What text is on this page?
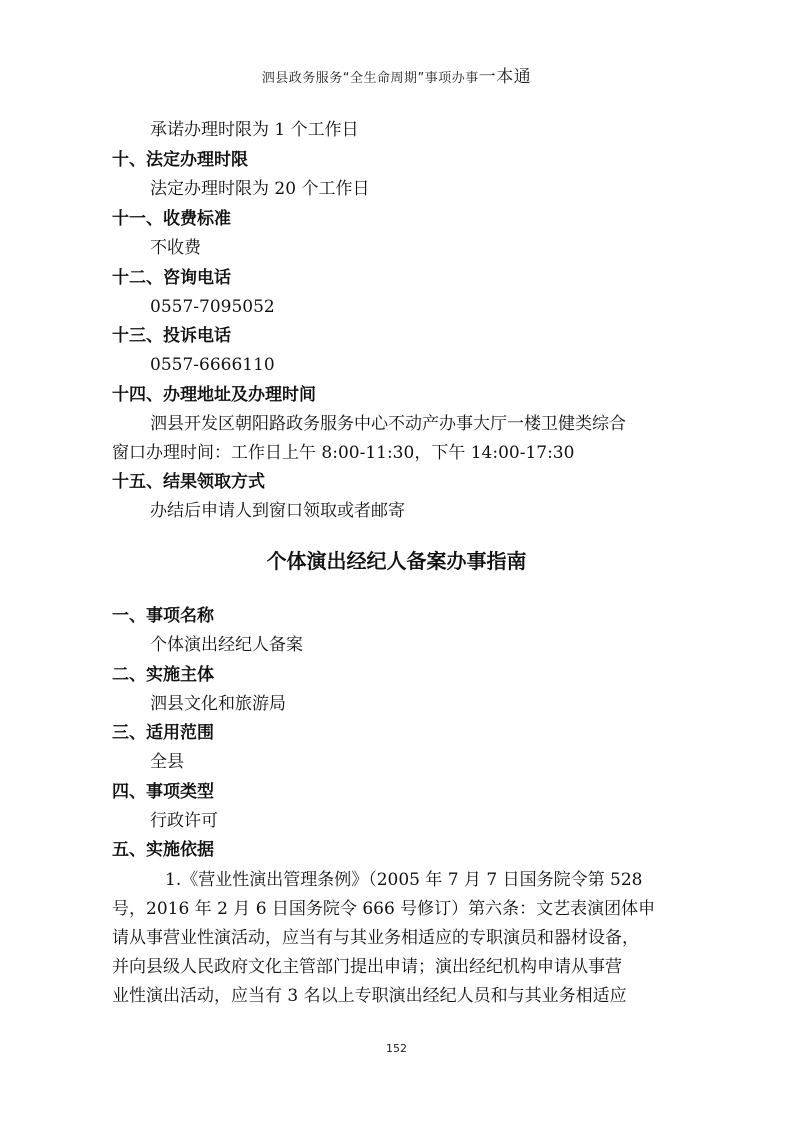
泗县政务服务“全生命周期”事项办事一本通
承诺办理时限为 1 个工作日
十、法定办理时限
法定办理时限为 20 个工作日
十一、收费标准
不收费
十二、咨询电话
0557-7095052
十三、投诉电话
0557-6666110
十四、办理地址及办理时间
泗县开发区朝阳路政务服务中心不动产办事大厅一楼卫健类综合
窗口办理时间：工作日上午 8:00-11:30，下午 14:00-17:30
十五、结果领取方式
办结后申请人到窗口领取或者邮寄
个体演出经纪人备案办事指南
一、事项名称
个体演出经纪人备案
二、实施主体
泗县文化和旅游局
三、适用范围
全县
四、事项类型
行政许可
五、实施依据
1.《营业性演出管理条例》（2005 年 7 月 7 日国务院令第 528
号，2016 年 2 月 6 日国务院令 666 号修订）第六条：文艺表演团体申
请从事营业性演活动，应当有与其业务相适应的专职演员和器材设备，
并向县级人民政府文化主管部门提出申请；演出经纪机构申请从事营
业性演出活动，应当有 3 名以上专职演出经纪人员和与其业务相适应
152
